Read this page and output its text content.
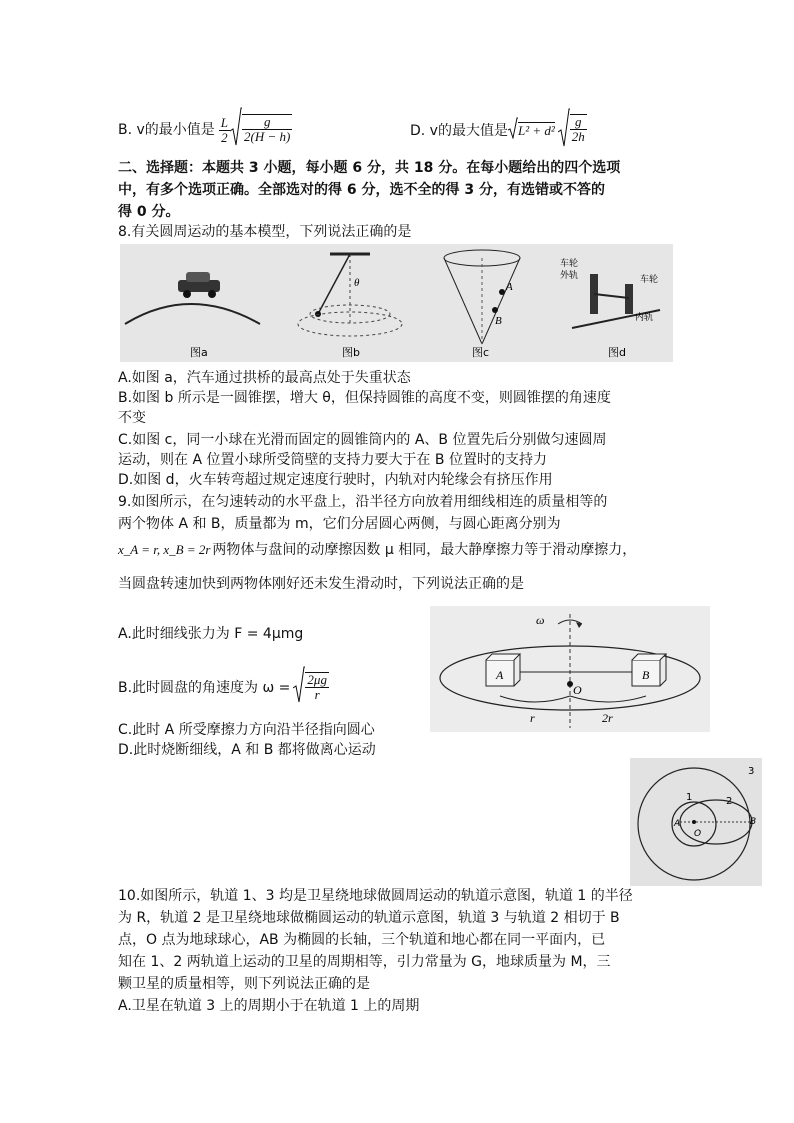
B. v的最小值是 $\frac{L}{2} \frac{g}{2(H - h)}$	D. v的最大值是 $L^2 + d^2 \frac{g}{2h}$
二、选择题：本题共 3 小题，每小题 6 分，共 18 分。在每小题给出的四个选项
中，有多个选项正确。全部选对的得 6 分，选不全的得 3 分，有选错或不答的
得 0 分。
8.有关圆周运动的基本模型，下列说法正确的是
θ	A
B
车轮
外轨	车轮
内轨
图a	图b	图c	图d
A.如图 a，汽车通过拱桥的最高点处于失重状态
B.如图 b 所示是一圆锥摆，增大 θ，但保持圆锥的高度不变，则圆锥摆的角速度
不变
C.如图 c，同一小球在光滑而固定的圆锥筒内的 A、B 位置先后分别做匀速圆周
运动，则在 A 位置小球所受筒壁的支持力要大于在 B 位置时的支持力
D.如图 d，火车转弯超过规定速度行驶时，内轨对内轮缘会有挤压作用
9.如图所示，在匀速转动的水平盘上，沿半径方向放着用细线相连的质量相等的
两个物体 A 和 B，质量都为 m，它们分居圆心两侧，与圆心距离分别为
x_A = r, x_B = 2r 两物体与盘间的动摩擦因数 μ 相同，最大静摩擦力等于滑动摩擦力，
当圆盘转速加快到两物体刚好还未发生滑动时，下列说法正确的是
A.此时细线张力为 F = 4μmg
B.此时圆盘的角速度为 $\omega = \frac{2\mu g}{r}$
C.此时 A 所受摩擦力方向沿半径指向圆心
D.此时烧断细线，A 和 B 都将做离心运动
ω
A	B
O
r	2r
3
1	2
A
O
B
10.如图所示，轨道 1、3 均是卫星绕地球做圆周运动的轨道示意图，轨道 1 的半径
为 R，轨道 2 是卫星绕地球做椭圆运动的轨道示意图，轨道 3 与轨道 2 相切于 B
点，O 点为地球球心，AB 为椭圆的长轴，三个轨道和地心都在同一平面内，已
知在 1、2 两轨道上运动的卫星的周期相等，引力常量为 G，地球质量为 M，三
颗卫星的质量相等，则下列说法正确的是
A.卫星在轨道 3 上的周期小于在轨道 1 上的周期
